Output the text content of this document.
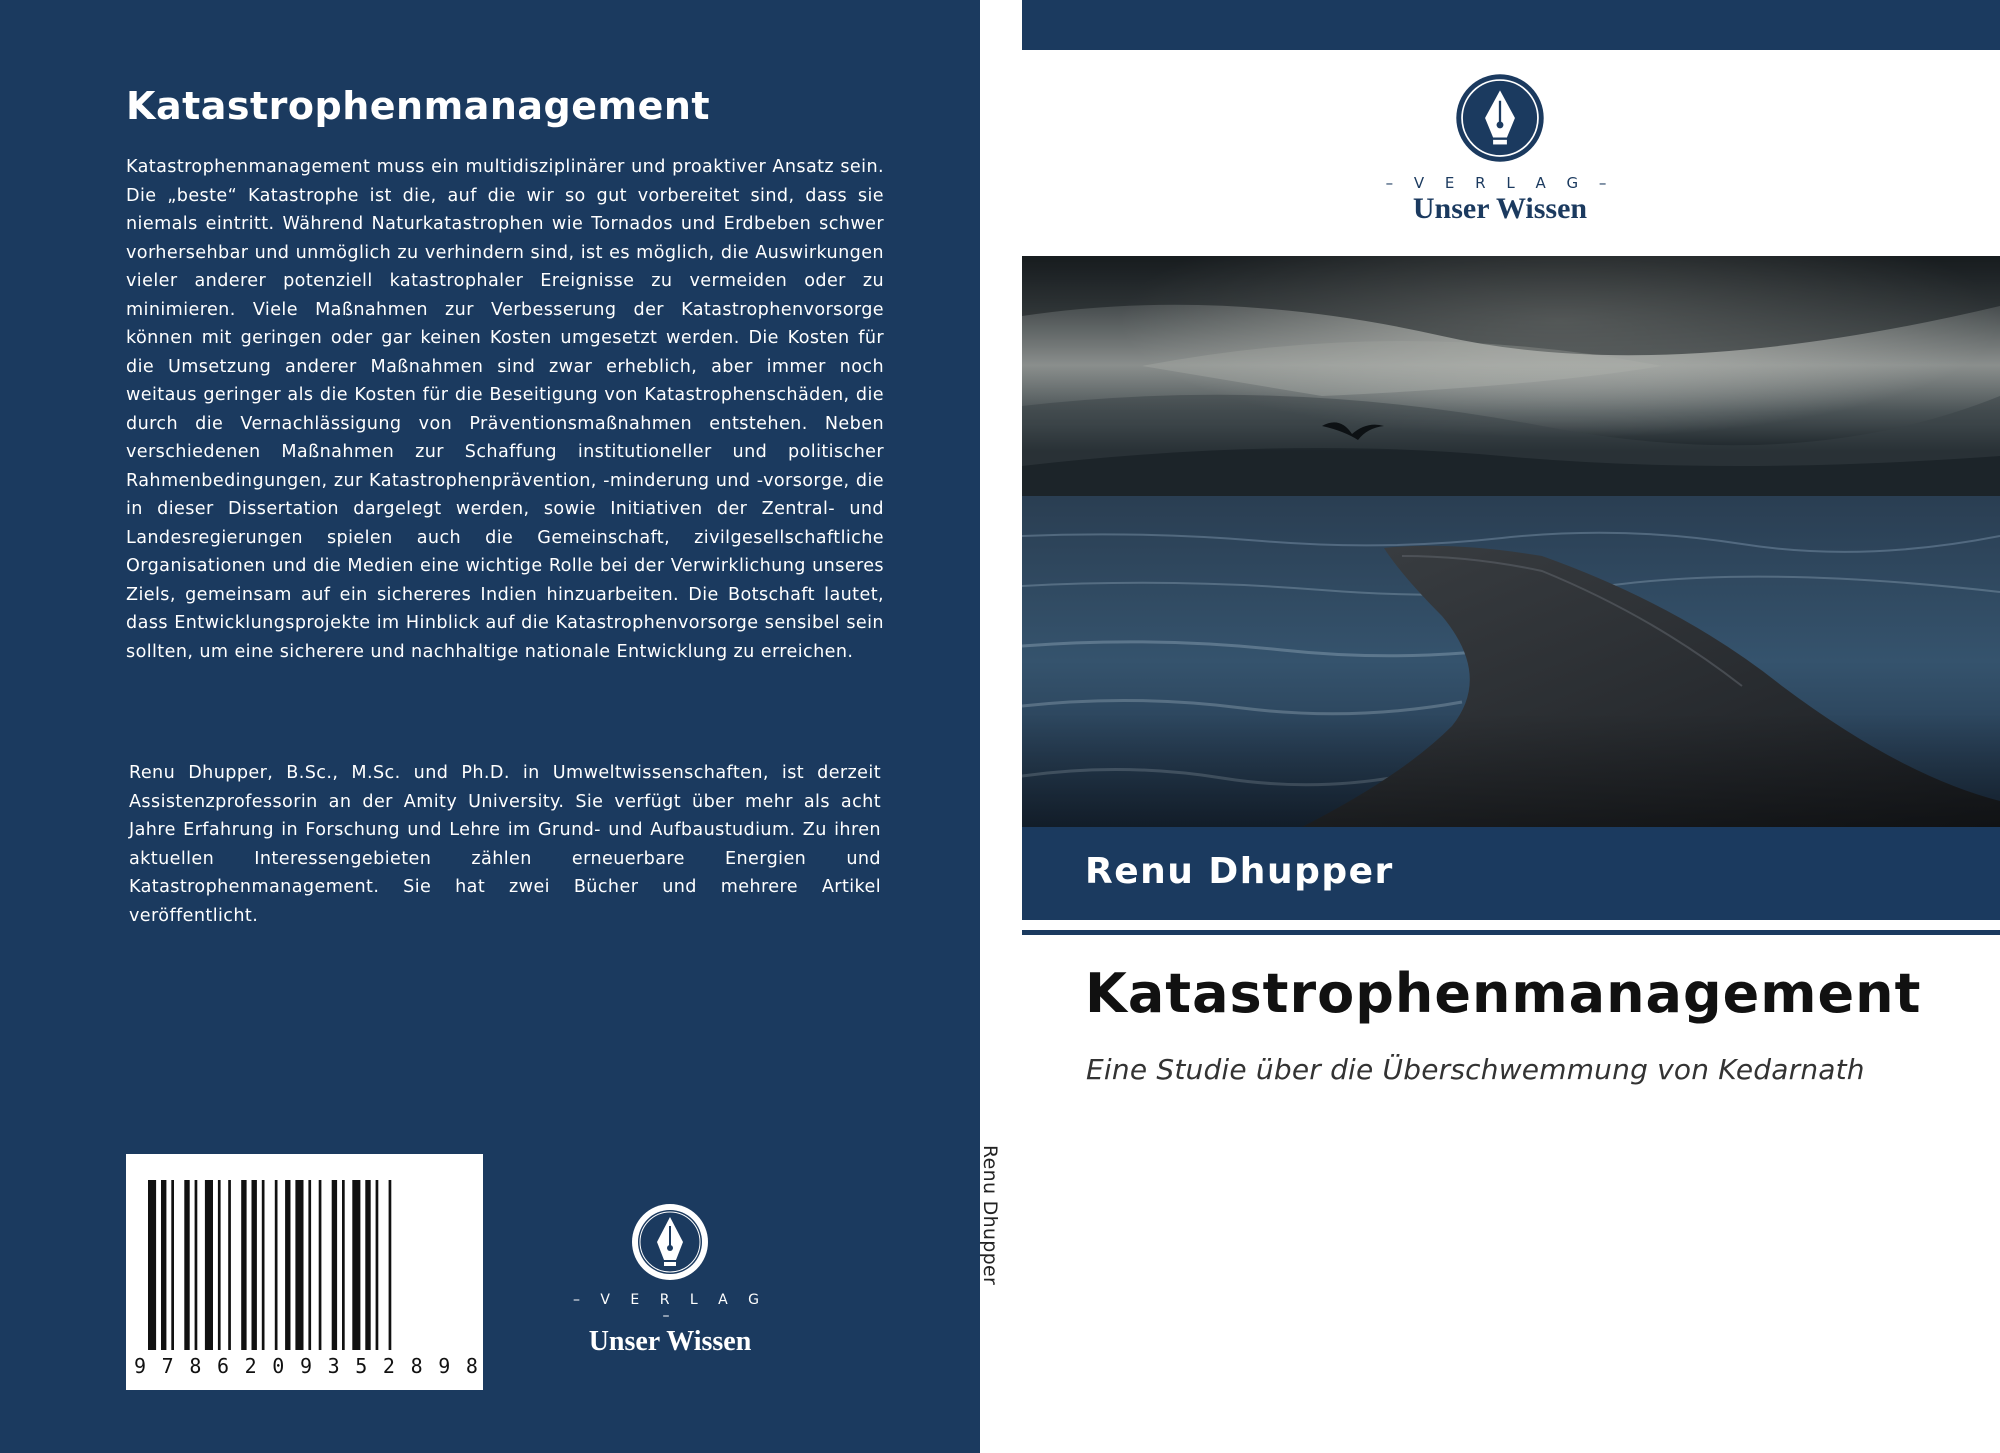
Katastrophenmanagement

Katastrophenmanagement muss ein multidisziplinärer und proaktiver Ansatz sein. Die „beste“ Katastrophe ist die, auf die wir so gut vorbereitet sind, dass sie niemals eintritt. Während Naturkatastrophen wie Tornados und Erdbeben schwer vorhersehbar und unmöglich zu verhindern sind, ist es möglich, die Auswirkungen vieler anderer potenziell katastrophaler Ereignisse zu vermeiden oder zu minimieren. Viele Maßnahmen zur Verbesserung der Katastrophenvorsorge können mit geringen oder gar keinen Kosten umgesetzt werden. Die Kosten für die Umsetzung anderer Maßnahmen sind zwar erheblich, aber immer noch weitaus geringer als die Kosten für die Beseitigung von Katastrophenschäden, die durch die Vernachlässigung von Präventionsmaßnahmen entstehen. Neben verschiedenen Maßnahmen zur Schaffung institutioneller und politischer Rahmenbedingungen, zur Katastrophenprävention, -minderung und -vorsorge, die in dieser Dissertation dargelegt werden, sowie Initiativen der Zentral- und Landesregierungen spielen auch die Gemeinschaft, zivilgesellschaftliche Organisationen und die Medien eine wichtige Rolle bei der Verwirklichung unseres Ziels, gemeinsam auf ein sichereres Indien hinzuarbeiten. Die Botschaft lautet, dass Entwicklungsprojekte im Hinblick auf die Katastrophenvorsorge sensibel sein sollten, um eine sicherere und nachhaltige nationale Entwicklung zu erreichen.

Renu Dhupper, B.Sc., M.Sc. und Ph.D. in Umweltwissenschaften, ist derzeit Assistenzprofessorin an der Amity University. Sie verfügt über mehr als acht Jahre Erfahrung in Forschung und Lehre im Grund- und Aufbaustudium. Zu ihren aktuellen Interessengebieten zählen erneuerbare Energien und Katastrophenmanagement. Sie hat zwei Bücher und mehrere Artikel veröffentlicht.

9 7 8 6 2 0 9 3 5 2 8 9 8
– V E R L A G –
Unser Wissen
Renu Dhupper
– V E R L A G –
Unser Wissen
Renu Dhupper
Katastrophenmanagement
Eine Studie über die Überschwemmung von Kedarnath
